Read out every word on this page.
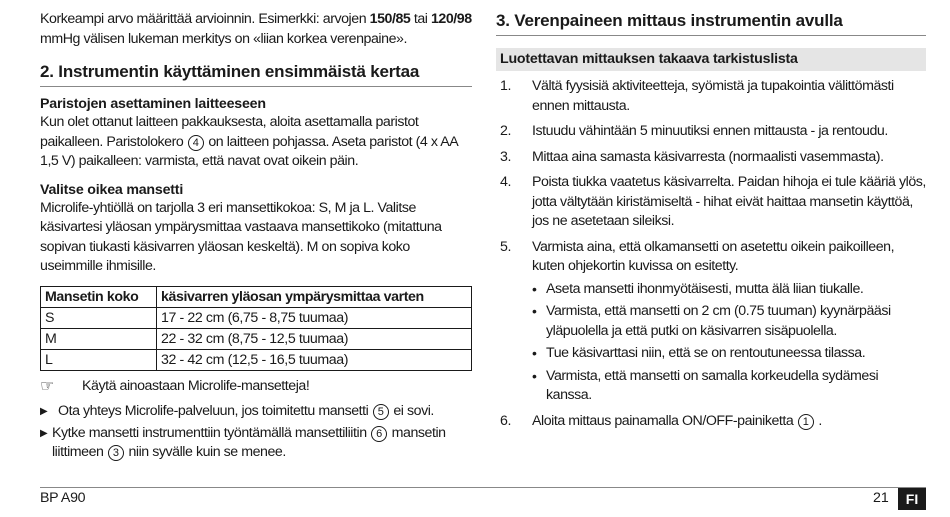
Korkeampi arvo määrittää arvioinnin. Esimerkki: arvojen 150/85 tai 120/98 mmHg välisen lukeman merkitys on «liian korkea verenpaine».

2. Instrumentin käyttäminen ensimmäistä kertaa
Paristojen asettaminen laitteeseen

Kun olet ottanut laitteen pakkauksesta, aloita asettamalla paristot paikalleen. Paristolokero 4 on laitteen pohjassa. Aseta paristot (4 x AA 1,5 V) paikalleen: varmista, että navat ovat oikein päin.

Valitse oikea mansetti

Microlife-yhtiöllä on tarjolla 3 eri mansettikokoa: S, M ja L. Valitse käsivartesi yläosan ympärysmittaa vastaava mansettikoko (mitattuna sopivan tiukasti käsivarren yläosan keskeltä). M on sopiva koko useimmille ihmisille.

Mansetin koko	käsivarren yläosan ympärysmittaa varten
S	17 - 22 cm (6,75 - 8,75 tuumaa)
M	22 - 32 cm (8,75 - 12,5 tuumaa)
L	32 - 42 cm (12,5 - 16,5 tuumaa)
☞	Käytä ainoastaan Microlife-mansetteja!
▶ Ota yhteys Microlife-palveluun, jos toimitettu mansetti 5 ei sovi.
▶ Kytke mansetti instrumenttiin työntämällä mansettiliitin 6 mansetin liittimeen 3 niin syvälle kuin se menee.
3. Verenpaineen mittaus instrumentin avulla
Luotettavan mittauksen takaava tarkistuslista
1.	Vältä fyysisiä aktiviteetteja, syömistä ja tupakointia välittömästi ennen mittausta.
2.	Istuudu vähintään 5 minuutiksi ennen mittausta - ja rentoudu.
3.	Mittaa aina samasta käsivarresta (normaalisti vasemmasta).
4.	Poista tiukka vaatetus käsivarrelta. Paidan hihoja ei tule kääriä ylös, jotta vältytään kiristämiseltä - hihat eivät haittaa mansetin käyttöä, jos ne asetetaan sileiksi.
5.	Varmista aina, että olkamansetti on asetettu oikein paikoilleen, kuten ohjekortin kuvissa on esitetty.
• Aseta mansetti ihonmyötäisesti, mutta älä liian tiukalle.
• Varmista, että mansetti on 2 cm (0.75 tuuman) kyynärpääsi yläpuolella ja että putki on käsivarren sisäpuolella.
• Tue käsivarttasi niin, että se on rentoutuneessa tilassa.
• Varmista, että mansetti on samalla korkeudella sydämesi kanssa.
6.	Aloita mittaus painamalla ON/OFF-painiketta 1 .
BP A90	21	FI
